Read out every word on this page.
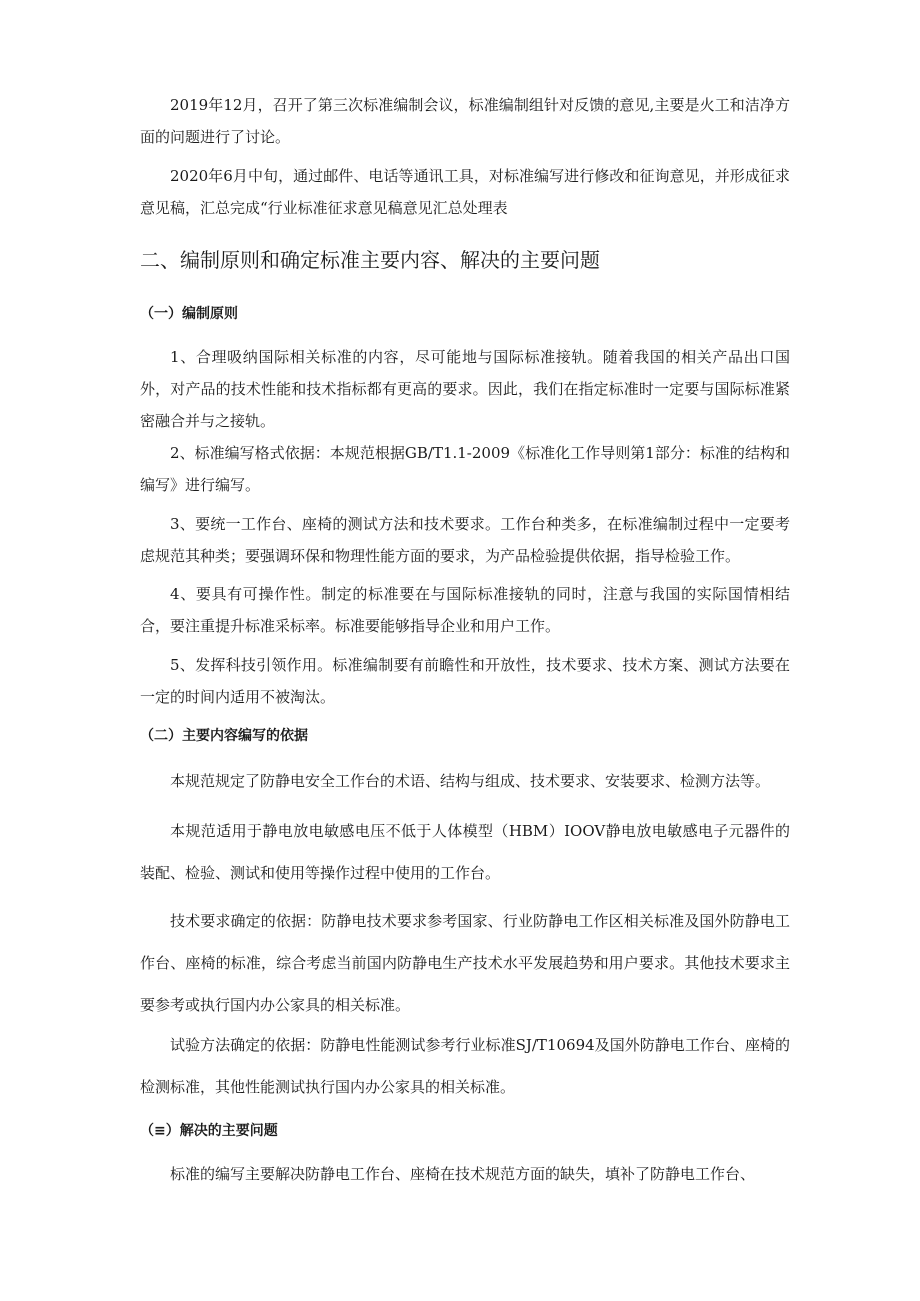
2019年12月，召开了第三次标准编制会议，标准编制组针对反馈的意见,主要是火工和洁净方面的问题进行了讨论。

2020年6月中旬，通过邮件、电话等通讯工具，对标准编写进行修改和征询意见，并形成征求意见稿，汇总完成“行业标准征求意见稿意见汇总处理表

二、编制原则和确定标准主要内容、解决的主要问题
（一）编制原则

1、合理吸纳国际相关标准的内容，尽可能地与国际标准接轨。随着我国的相关产品出口国外，对产品的技术性能和技术指标都有更高的要求。因此，我们在指定标准时一定要与国际标准紧密融合并与之接轨。

2、标准编写格式依据：本规范根据GB/T1.1-2009《标准化工作导则第1部分：标准的结构和编写》进行编写。

3、要统一工作台、座椅的测试方法和技术要求。工作台种类多，在标准编制过程中一定要考虑规范其种类；要强调环保和物理性能方面的要求，为产品检验提供依据，指导检验工作。

4、要具有可操作性。制定的标准要在与国际标准接轨的同时，注意与我国的实际国情相结合，要注重提升标准采标率。标准要能够指导企业和用户工作。

5、发挥科技引领作用。标准编制要有前瞻性和开放性，技术要求、技术方案、测试方法要在一定的时间内适用不被淘汰。

（二）主要内容编写的依据

本规范规定了防静电安全工作台的术语、结构与组成、技术要求、安装要求、检测方法等。

本规范适用于静电放电敏感电压不低于人体模型（HBM）IOOV静电放电敏感电子元器件的装配、检验、测试和使用等操作过程中使用的工作台。

技术要求确定的依据：防静电技术要求参考国家、行业防静电工作区相关标准及国外防静电工作台、座椅的标准，综合考虑当前国内防静电生产技术水平发展趋势和用户要求。其他技术要求主要参考或执行国内办公家具的相关标准。

试验方法确定的依据：防静电性能测试参考行业标准SJ/T10694及国外防静电工作台、座椅的检测标准，其他性能测试执行国内办公家具的相关标准。

（≡）解决的主要问题

标准的编写主要解决防静电工作台、座椅在技术规范方面的缺失，填补了防静电工作台、
